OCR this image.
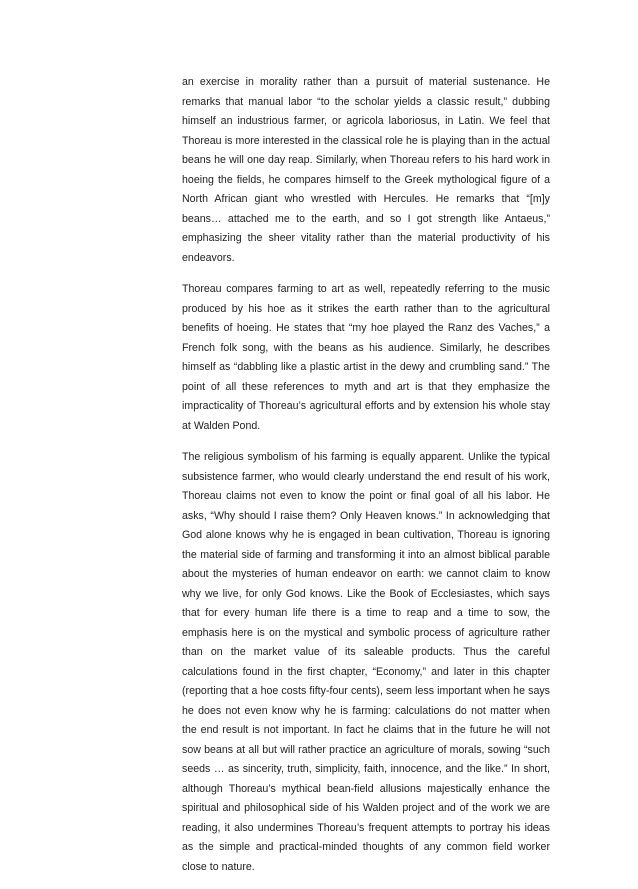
an exercise in morality rather than a pursuit of material sustenance. He remarks that manual labor “to the scholar yields a classic result,” dubbing himself an industrious farmer, or agricola laboriosus, in Latin. We feel that Thoreau is more interested in the classical role he is playing than in the actual beans he will one day reap. Similarly, when Thoreau refers to his hard work in hoeing the fields, he compares himself to the Greek mythological figure of a North African giant who wrestled with Hercules. He remarks that “[m]y beans… attached me to the earth, and so I got strength like Antaeus,” emphasizing the sheer vitality rather than the material productivity of his endeavors.

Thoreau compares farming to art as well, repeatedly referring to the music produced by his hoe as it strikes the earth rather than to the agricultural benefits of hoeing. He states that “my hoe played the Ranz des Vaches,” a French folk song, with the beans as his audience. Similarly, he describes himself as “dabbling like a plastic artist in the dewy and crumbling sand.” The point of all these references to myth and art is that they emphasize the impracticality of Thoreau’s agricultural efforts and by extension his whole stay at Walden Pond.

The religious symbolism of his farming is equally apparent. Unlike the typical subsistence farmer, who would clearly understand the end result of his work, Thoreau claims not even to know the point or final goal of all his labor. He asks, “Why should I raise them? Only Heaven knows.” In acknowledging that God alone knows why he is engaged in bean cultivation, Thoreau is ignoring the material side of farming and transforming it into an almost biblical parable about the mysteries of human endeavor on earth: we cannot claim to know why we live, for only God knows. Like the Book of Ecclesiastes, which says that for every human life there is a time to reap and a time to sow, the emphasis here is on the mystical and symbolic process of agriculture rather than on the market value of its saleable products. Thus the careful calculations found in the first chapter, “Economy,” and later in this chapter (reporting that a hoe costs fifty-four cents), seem less important when he says he does not even know why he is farming: calculations do not matter when the end result is not important. In fact he claims that in the future he will not sow beans at all but will rather practice an agriculture of morals, sowing “such seeds … as sincerity, truth, simplicity, faith, innocence, and the like.” In short, although Thoreau’s mythical bean-field allusions majestically enhance the spiritual and philosophical side of his Walden project and of the work we are reading, it also undermines Thoreau’s frequent attempts to portray his ideas as the simple and practical-minded thoughts of any common field worker close to nature.
